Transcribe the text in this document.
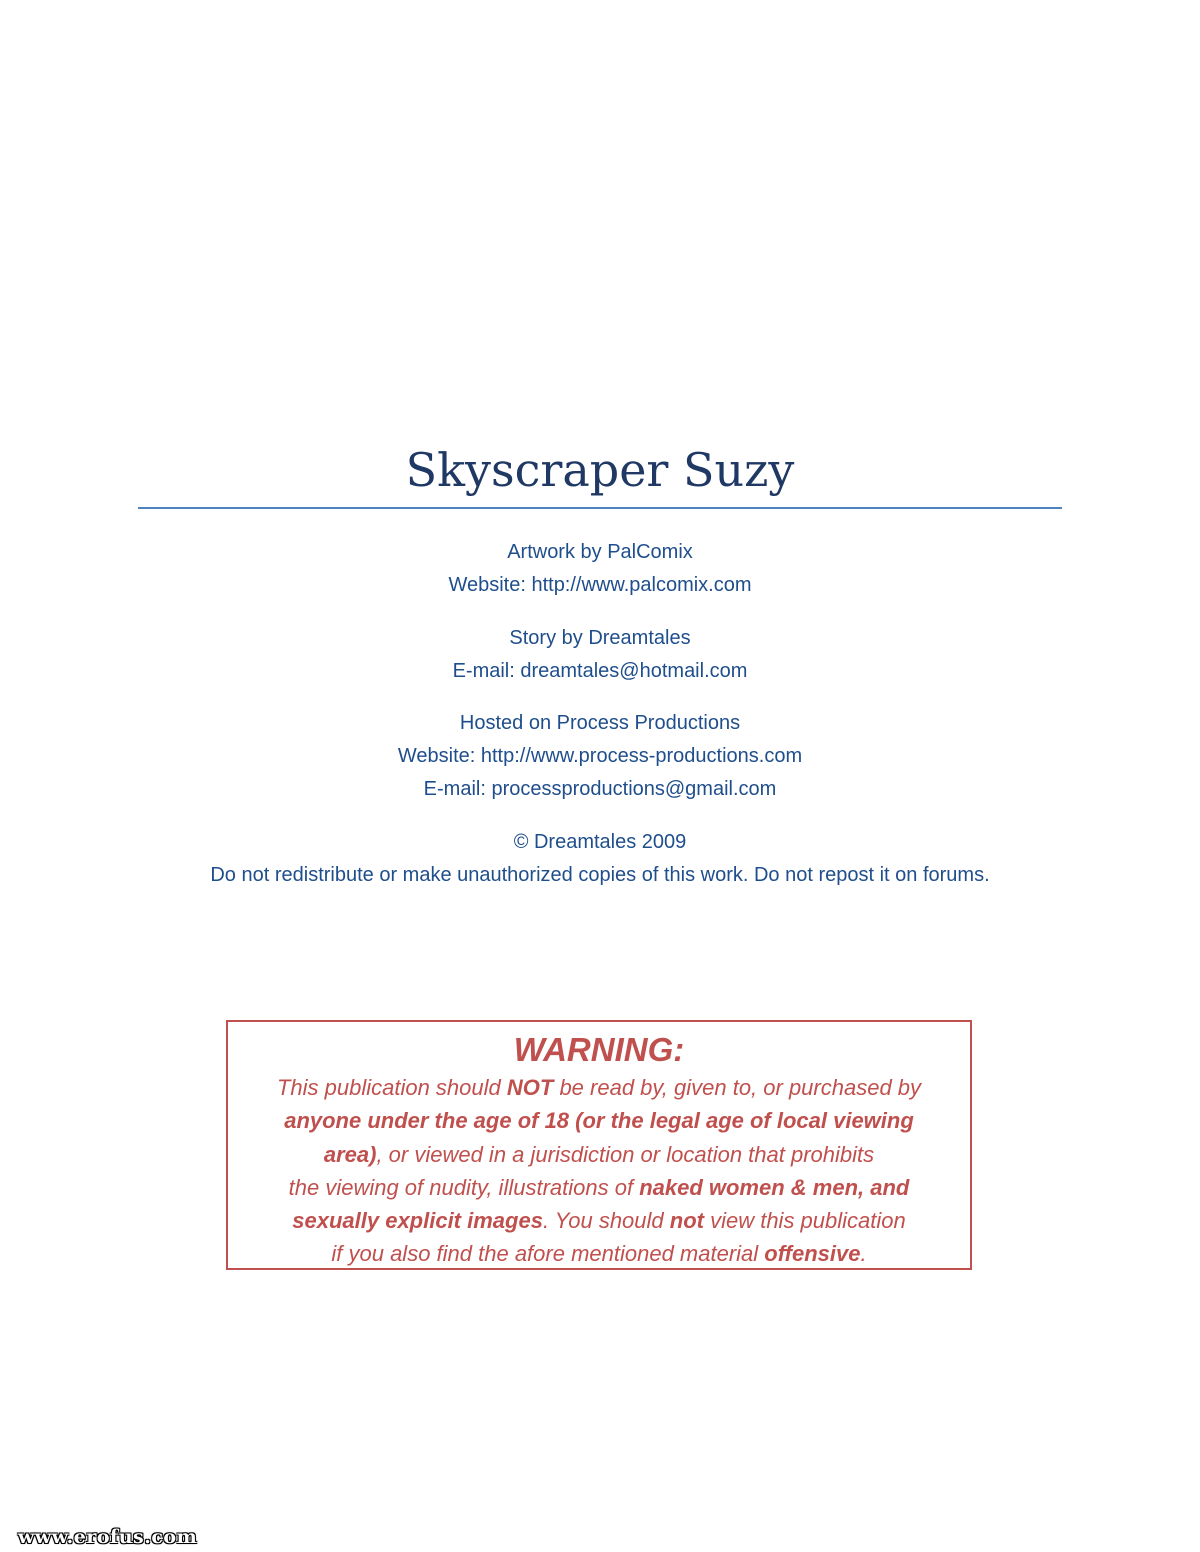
Skyscraper Suzy
Artwork by PalComix
Website: http://www.palcomix.com
Story by Dreamtales
E-mail: dreamtales@hotmail.com
Hosted on Process Productions
Website: http://www.process-productions.com
E-mail: processproductions@gmail.com
© Dreamtales 2009
Do not redistribute or make unauthorized copies of this work. Do not repost it on forums.
WARNING:
This publication should NOT be read by, given to, or purchased by
anyone under the age of 18 (or the legal age of local viewing
area), or viewed in a jurisdiction or location that prohibits
the viewing of nudity, illustrations of naked women & men, and
sexually explicit images. You should not view this publication
if you also find the afore mentioned material offensive.
www.erofus.com
